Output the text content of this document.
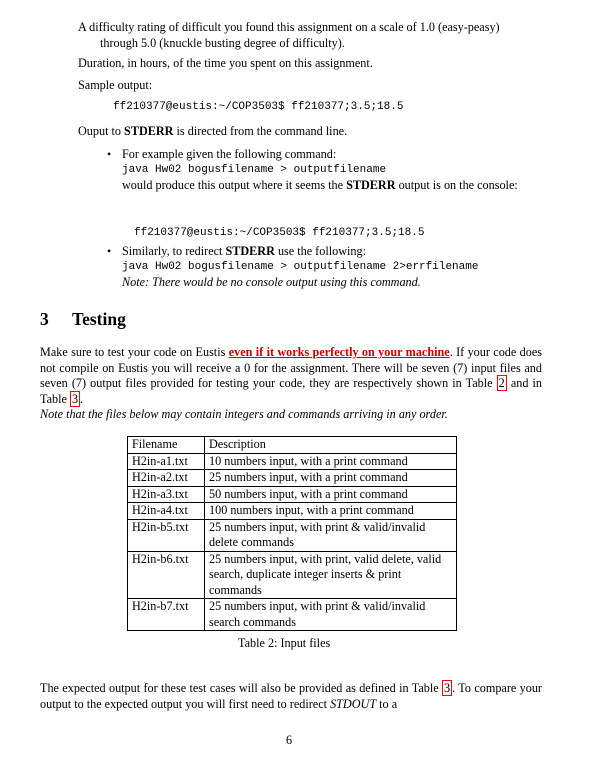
A difficulty rating of difficult you found this assignment on a scale of 1.0 (easy-peasy)
through 5.0 (knuckle busting degree of difficulty).
Duration, in hours, of the time you spent on this assignment.
Sample output:
ff210377@eustis:~/COP3503$ ff210377;3.5;18.5
Ouput to STDERR is directed from the command line.
• For example given the following command:
java Hw02 bogusfilename > outputfilename
would produce this output where it seems the STDERR output is on the console:
ff210377@eustis:~/COP3503$ ff210377;3.5;18.5
• Similarly, to redirect STDERR use the following:
java Hw02 bogusfilename > outputfilename 2>errfilename
Note: There would be no console output using this command.
3 Testing
Make sure to test your code on Eustis even if it works perfectly on your machine. If your code does not compile on Eustis you will receive a 0 for the assignment. There will be seven (7) input files and seven (7) output files provided for testing your code, they are respectively shown in Table 2 and in Table 3 .
Note that the files below may contain integers and commands arriving in any order.
Filename	Description
H2in-a1.txt	10 numbers input, with a print command
H2in-a2.txt	25 numbers input, with a print command
H2in-a3.txt	50 numbers input, with a print command
H2in-a4.txt	100 numbers input, with a print command
H2in-b5.txt	25 numbers input, with print & valid/invalid delete commands
H2in-b6.txt	25 numbers input, with print, valid delete, valid search, duplicate integer inserts & print commands
H2in-b7.txt	25 numbers input, with print & valid/invalid search commands
Table 2: Input files
The expected output for these test cases will also be provided as defined in Table 3 . To compare your output to the expected output you will first need to redirect STDOUT to a
6
